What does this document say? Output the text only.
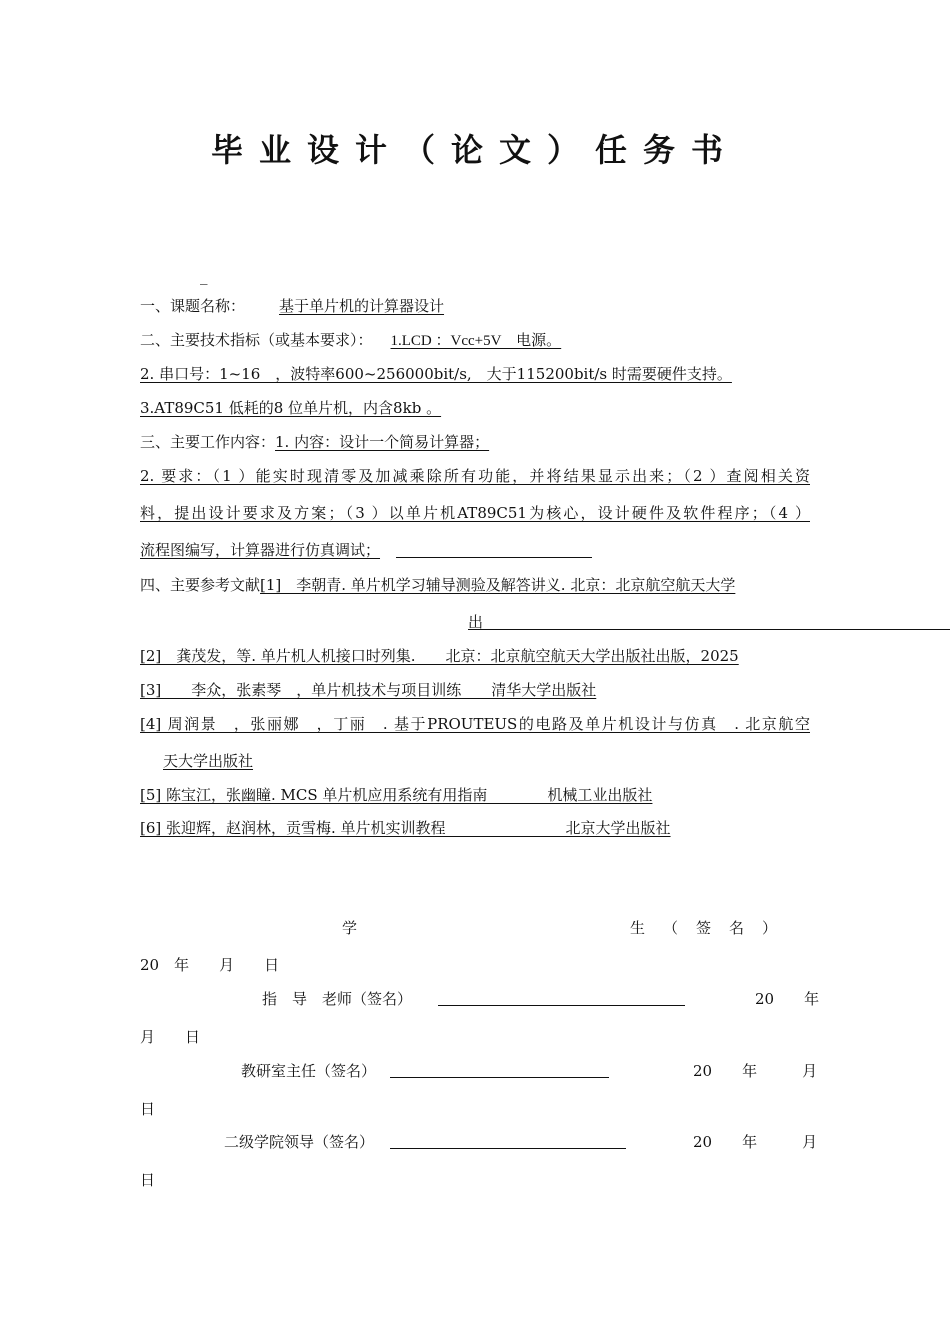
毕业设计（论文）任务书
_
一、课题名称： 基于单片机的计算器设计
二、主要技术指标（或基本要求）： 1.LCD ：Vcc+5V　电源。
2. 串口号：1~16　，波特率600~256000bit/s,　大于115200bit/s 时需要硬件支持。
3.AT89C51 低耗的8 位单片机，内含8kb 。
三、主要工作内容：1. 内容：设计一个简易计算器；
2. 要求：（1 ）能实时现清零及加减乘除所有功能，并将结果显示出来；（2 ）查阅相关资
料，提出设计要求及方案；（3 ）以单片机AT89C51为核心，设计硬件及软件程序；（4 ）
流程图编写，计算器进行仿真调试；
四、主要参考文献[1]　李朝青. 单片机学习辅导测验及解答讲义. 北京：北京航空航天大学
出
[2]　龚茂发，等. 单片机人机接口时列集.　　北京：北京航空航天大学出版社出版，2025
[3]　　李众，张素琴　，单片机技术与项目训练　　清华大学出版社
[4] 周润景　，张丽娜　，丁丽　. 基于PROUTEUS的电路及单片机设计与仿真　. 北京航空
天大学出版社
[5] 陈宝江，张幽瞳. MCS 单片机应用系统有用指南　　　　机械工业出版社
[6] 张迎辉，赵润林，贡雪梅. 单片机实训教程　　　　　　　　北京大学出版社
学	生（签名）
20　年　　月　　日
指　导　老师（签名）	20　　年
月　　日
教研室主任（签名）	20　　年　　　月
日
二级学院领导（签名）	20　　年　　　月
日
